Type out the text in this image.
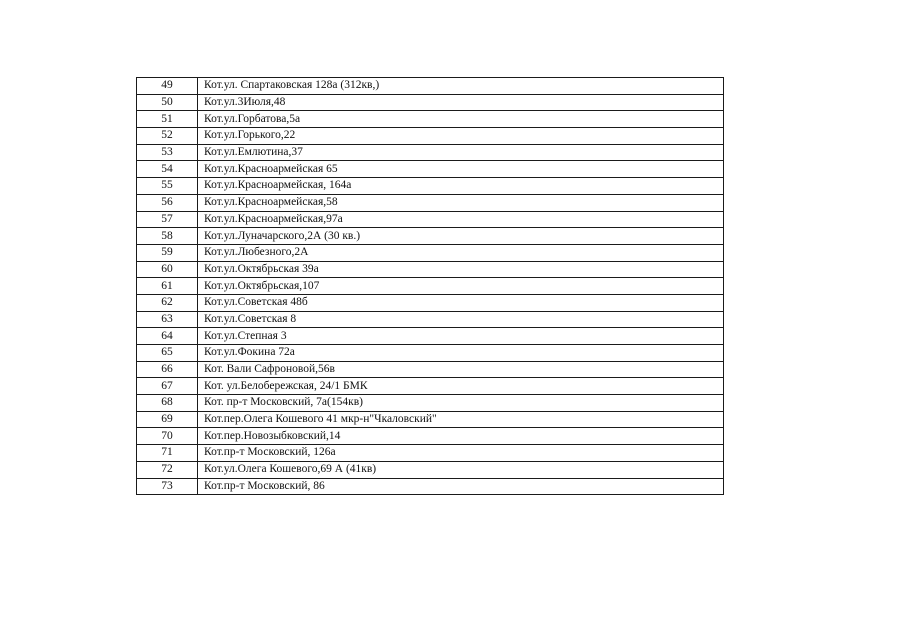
49	Кот.ул. Спартаковская 128а (312кв,)
50	Кот.ул.3Июля,48
51	Кот.ул.Горбатова,5а
52	Кот.ул.Горького,22
53	Кот.ул.Емлютина,37
54	Кот.ул.Красноармейская 65
55	Кот.ул.Красноармейская, 164а
56	Кот.ул.Красноармейская,58
57	Кот.ул.Красноармейская,97а
58	Кот.ул.Луначарского,2А (30 кв.)
59	Кот.ул.Любезного,2А
60	Кот.ул.Октябрьская 39а
61	Кот.ул.Октябрьская,107
62	Кот.ул.Советская 48б
63	Кот.ул.Советская 8
64	Кот.ул.Степная 3
65	Кот.ул.Фокина 72а
66	Кот. Вали Сафроновой,56в
67	Кот. ул.Белобережская, 24/1 БМК
68	Кот. пр-т Московский, 7а(154кв)
69	Кот.пер.Олега Кошевого 41 мкр-н"Чкаловский"
70	Кот.пер.Новозыбковский,14
71	Кот.пр-т Московский, 126а
72	Кот.ул.Олега Кошевого,69 А (41кв)
73	Кот.пр-т Московский, 86
